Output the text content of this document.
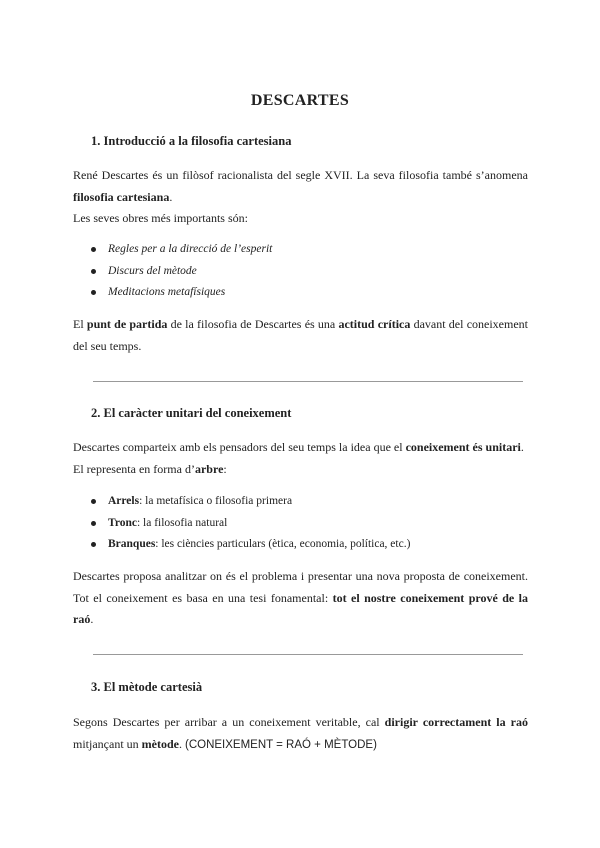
DESCARTES
1. Introducció a la filosofia cartesiana

René Descartes és un filòsof racionalista del segle XVII. La seva filosofia també s’anomena

filosofia cartesiana.

Les seves obres més importants són:

Regles per a la direcció de l’esperit
Discurs del mètode
Meditacions metafísiques

El punt de partida de la filosofia de Descartes és una actitud crítica davant del coneixement del seu temps.

2. El caràcter unitari del coneixement

Descartes comparteix amb els pensadors del seu temps la idea que el coneixement és unitari.

El representa en forma d’arbre:

Arrels: la metafísica o filosofia primera
Tronc: la filosofia natural
Branques: les ciències particulars (ètica, economia, política, etc.)

Descartes proposa analitzar on és el problema i presentar una nova proposta de coneixement.

Tot el coneixement es basa en una tesi fonamental: tot el nostre coneixement prové de la raó.

3. El mètode cartesià

Segons Descartes per arribar a un coneixement veritable, cal dirigir correctament la raó mitjançant un mètode. (CONEIXEMENT = RAÓ + MÈTODE)
